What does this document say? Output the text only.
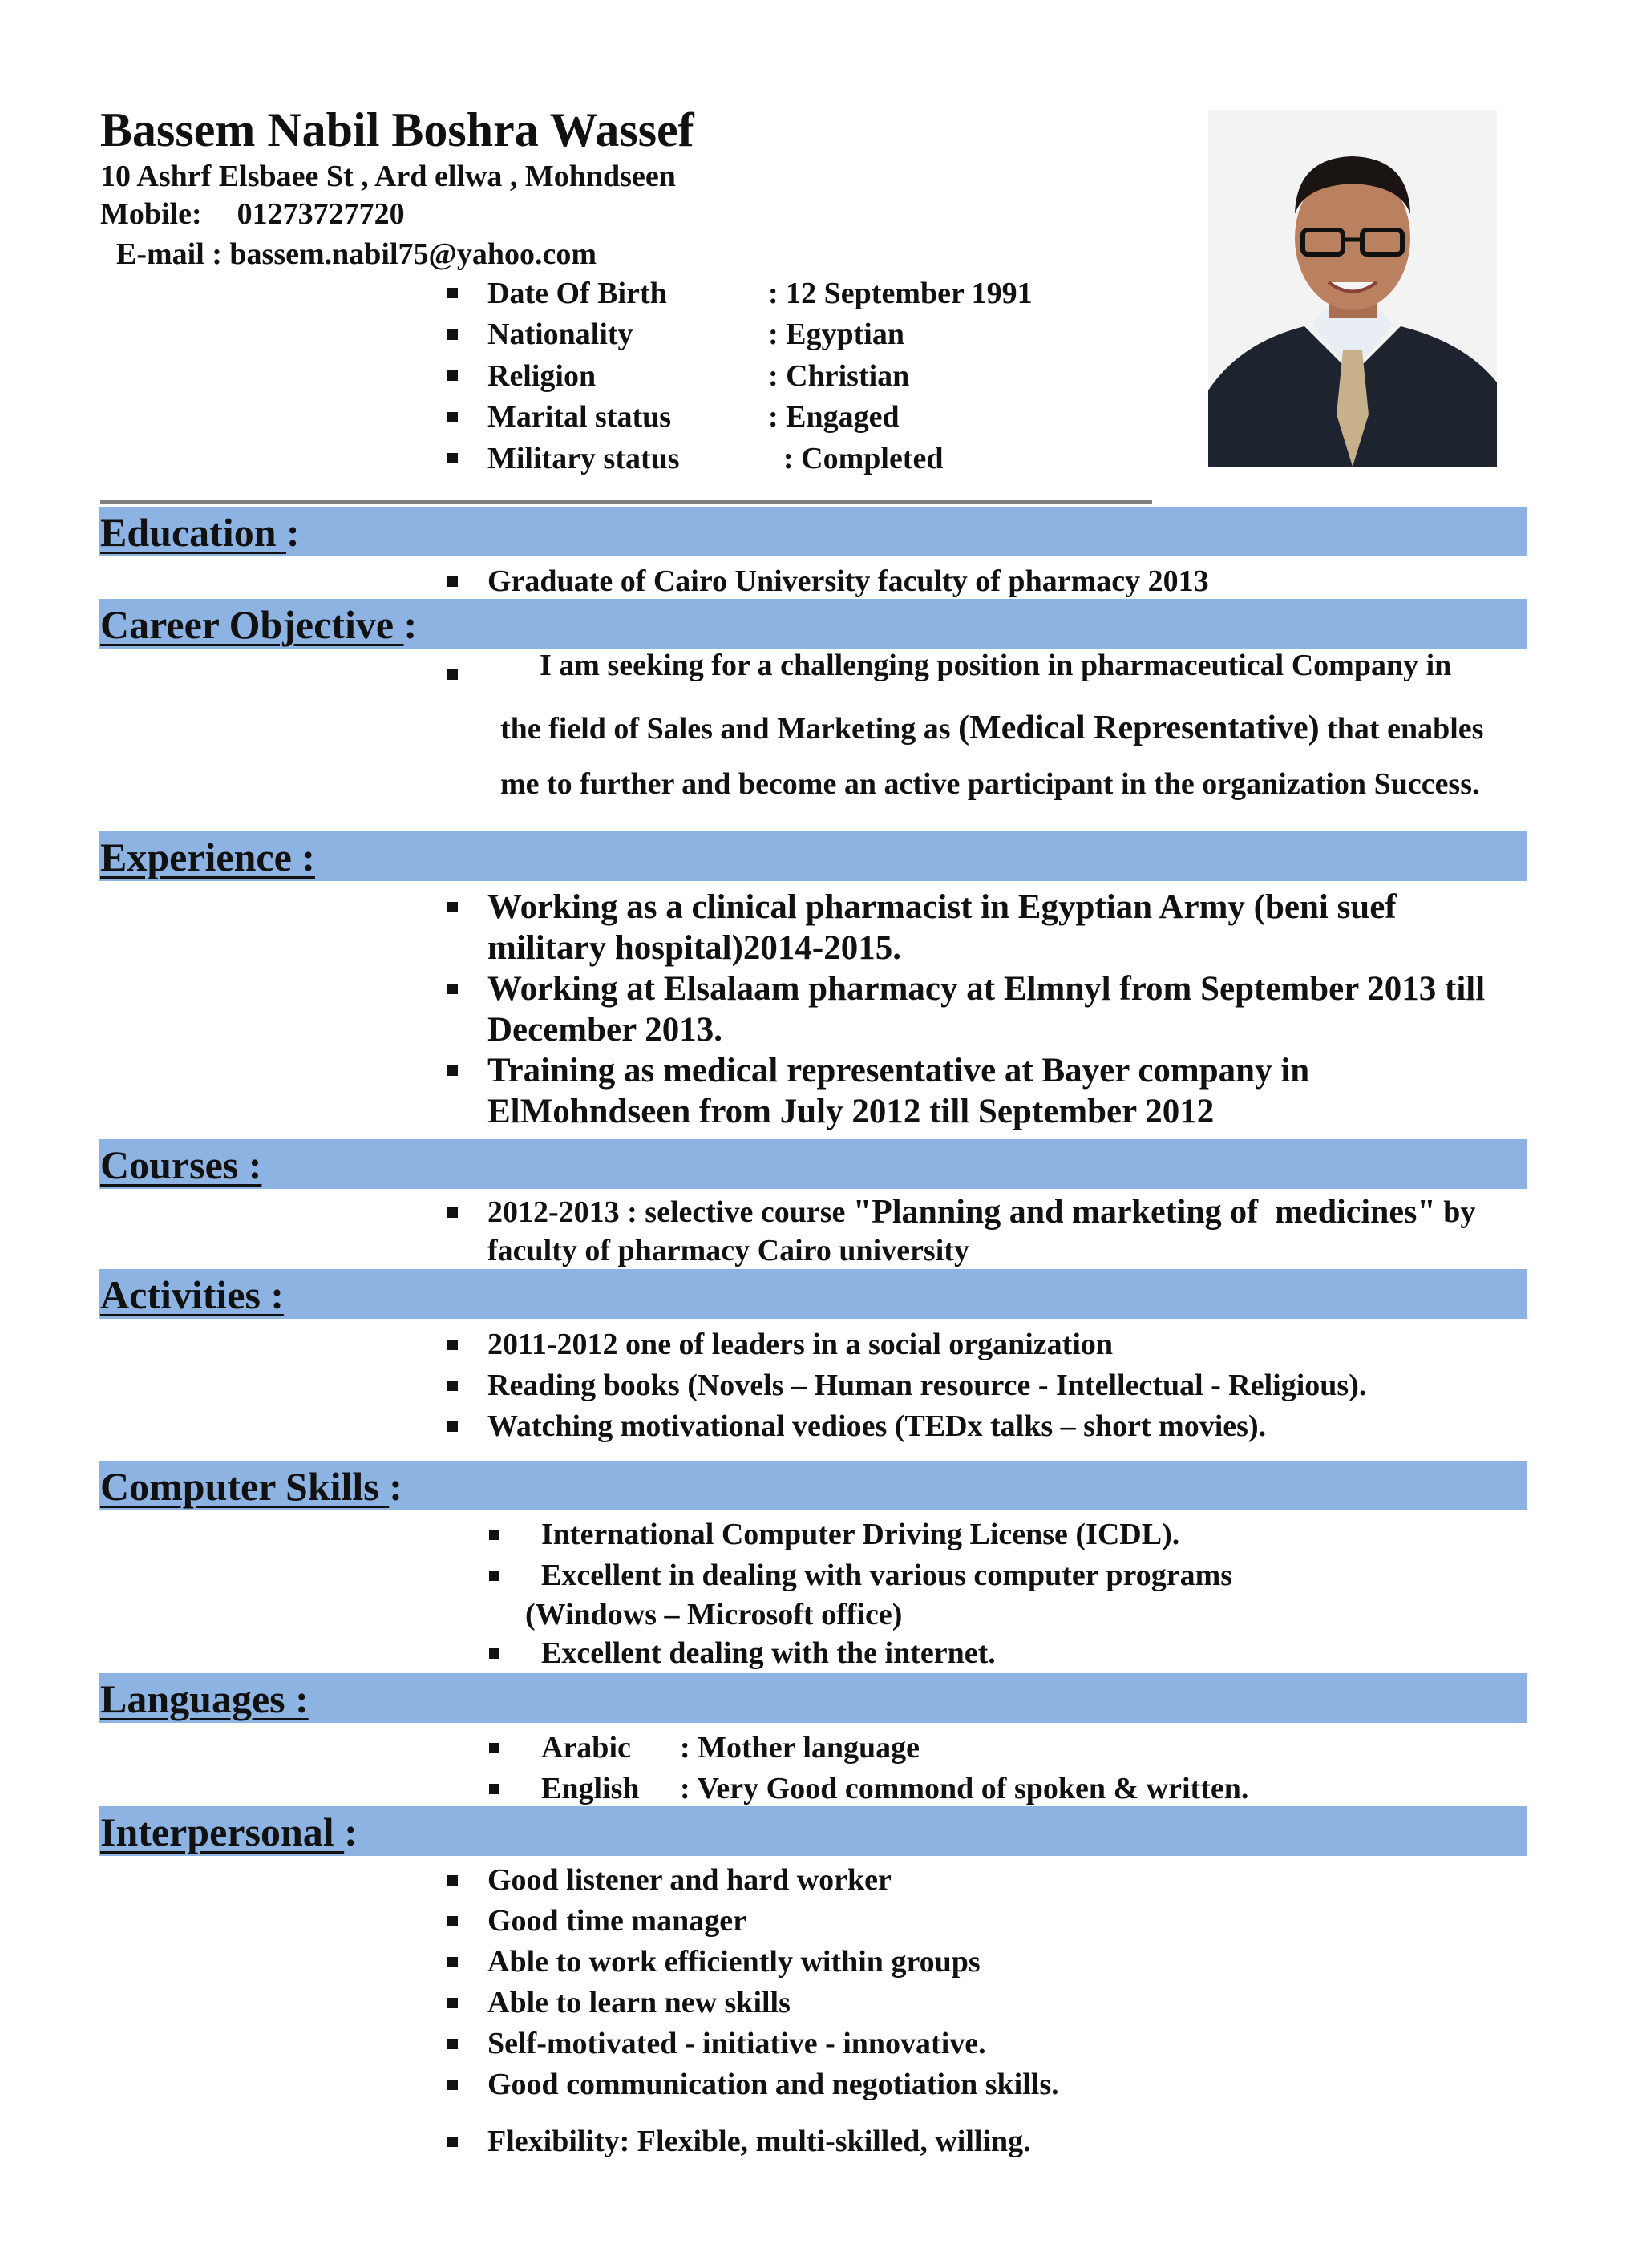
Bassem Nabil Boshra Wassef
10 Ashrf Elsbaee St , Ard ellwa , Mohndseen
Mobile: 01273727720
E-mail : bassem.nabil75@yahoo.com
Date Of Birth	: 12 September 1991
Nationality	: Egyptian
Religion	: Christian
Marital status	: Engaged
Military status	: Completed
Education :
Graduate of Cairo University faculty of pharmacy 2013
Career Objective :
I am seeking for a challenging position in pharmaceutical Company in
the field of Sales and Marketing as (Medical Representative) that enables
me to further and become an active participant in the organization Success.
Experience :
Working as a clinical pharmacist in Egyptian Army (beni suef
military hospital)2014-2015.
Working at Elsalaam pharmacy at Elmnyl from September 2013 till
December 2013.
Training as medical representative at Bayer company in
ElMohndseen from July 2012 till September 2012
Courses :
2012-2013 : selective course "Planning and marketing of  medicines" by
faculty of pharmacy Cairo university
Activities :
2011-2012 one of leaders in a social organization
Reading books (Novels – Human resource - Intellectual - Religious).
Watching motivational vedioes (TEDx talks – short movies).
Computer Skills :
International Computer Driving License (ICDL).
Excellent in dealing with various computer programs
(Windows – Microsoft office)
Excellent dealing with the internet.
Languages :
Arabic	: Mother language
English	: Very Good commond of spoken & written.
Interpersonal :
Good listener and hard worker
Good time manager
Able to work efficiently within groups
Able to learn new skills
Self-motivated - initiative - innovative.
Good communication and negotiation skills.
Flexibility: Flexible, multi-skilled, willing.
